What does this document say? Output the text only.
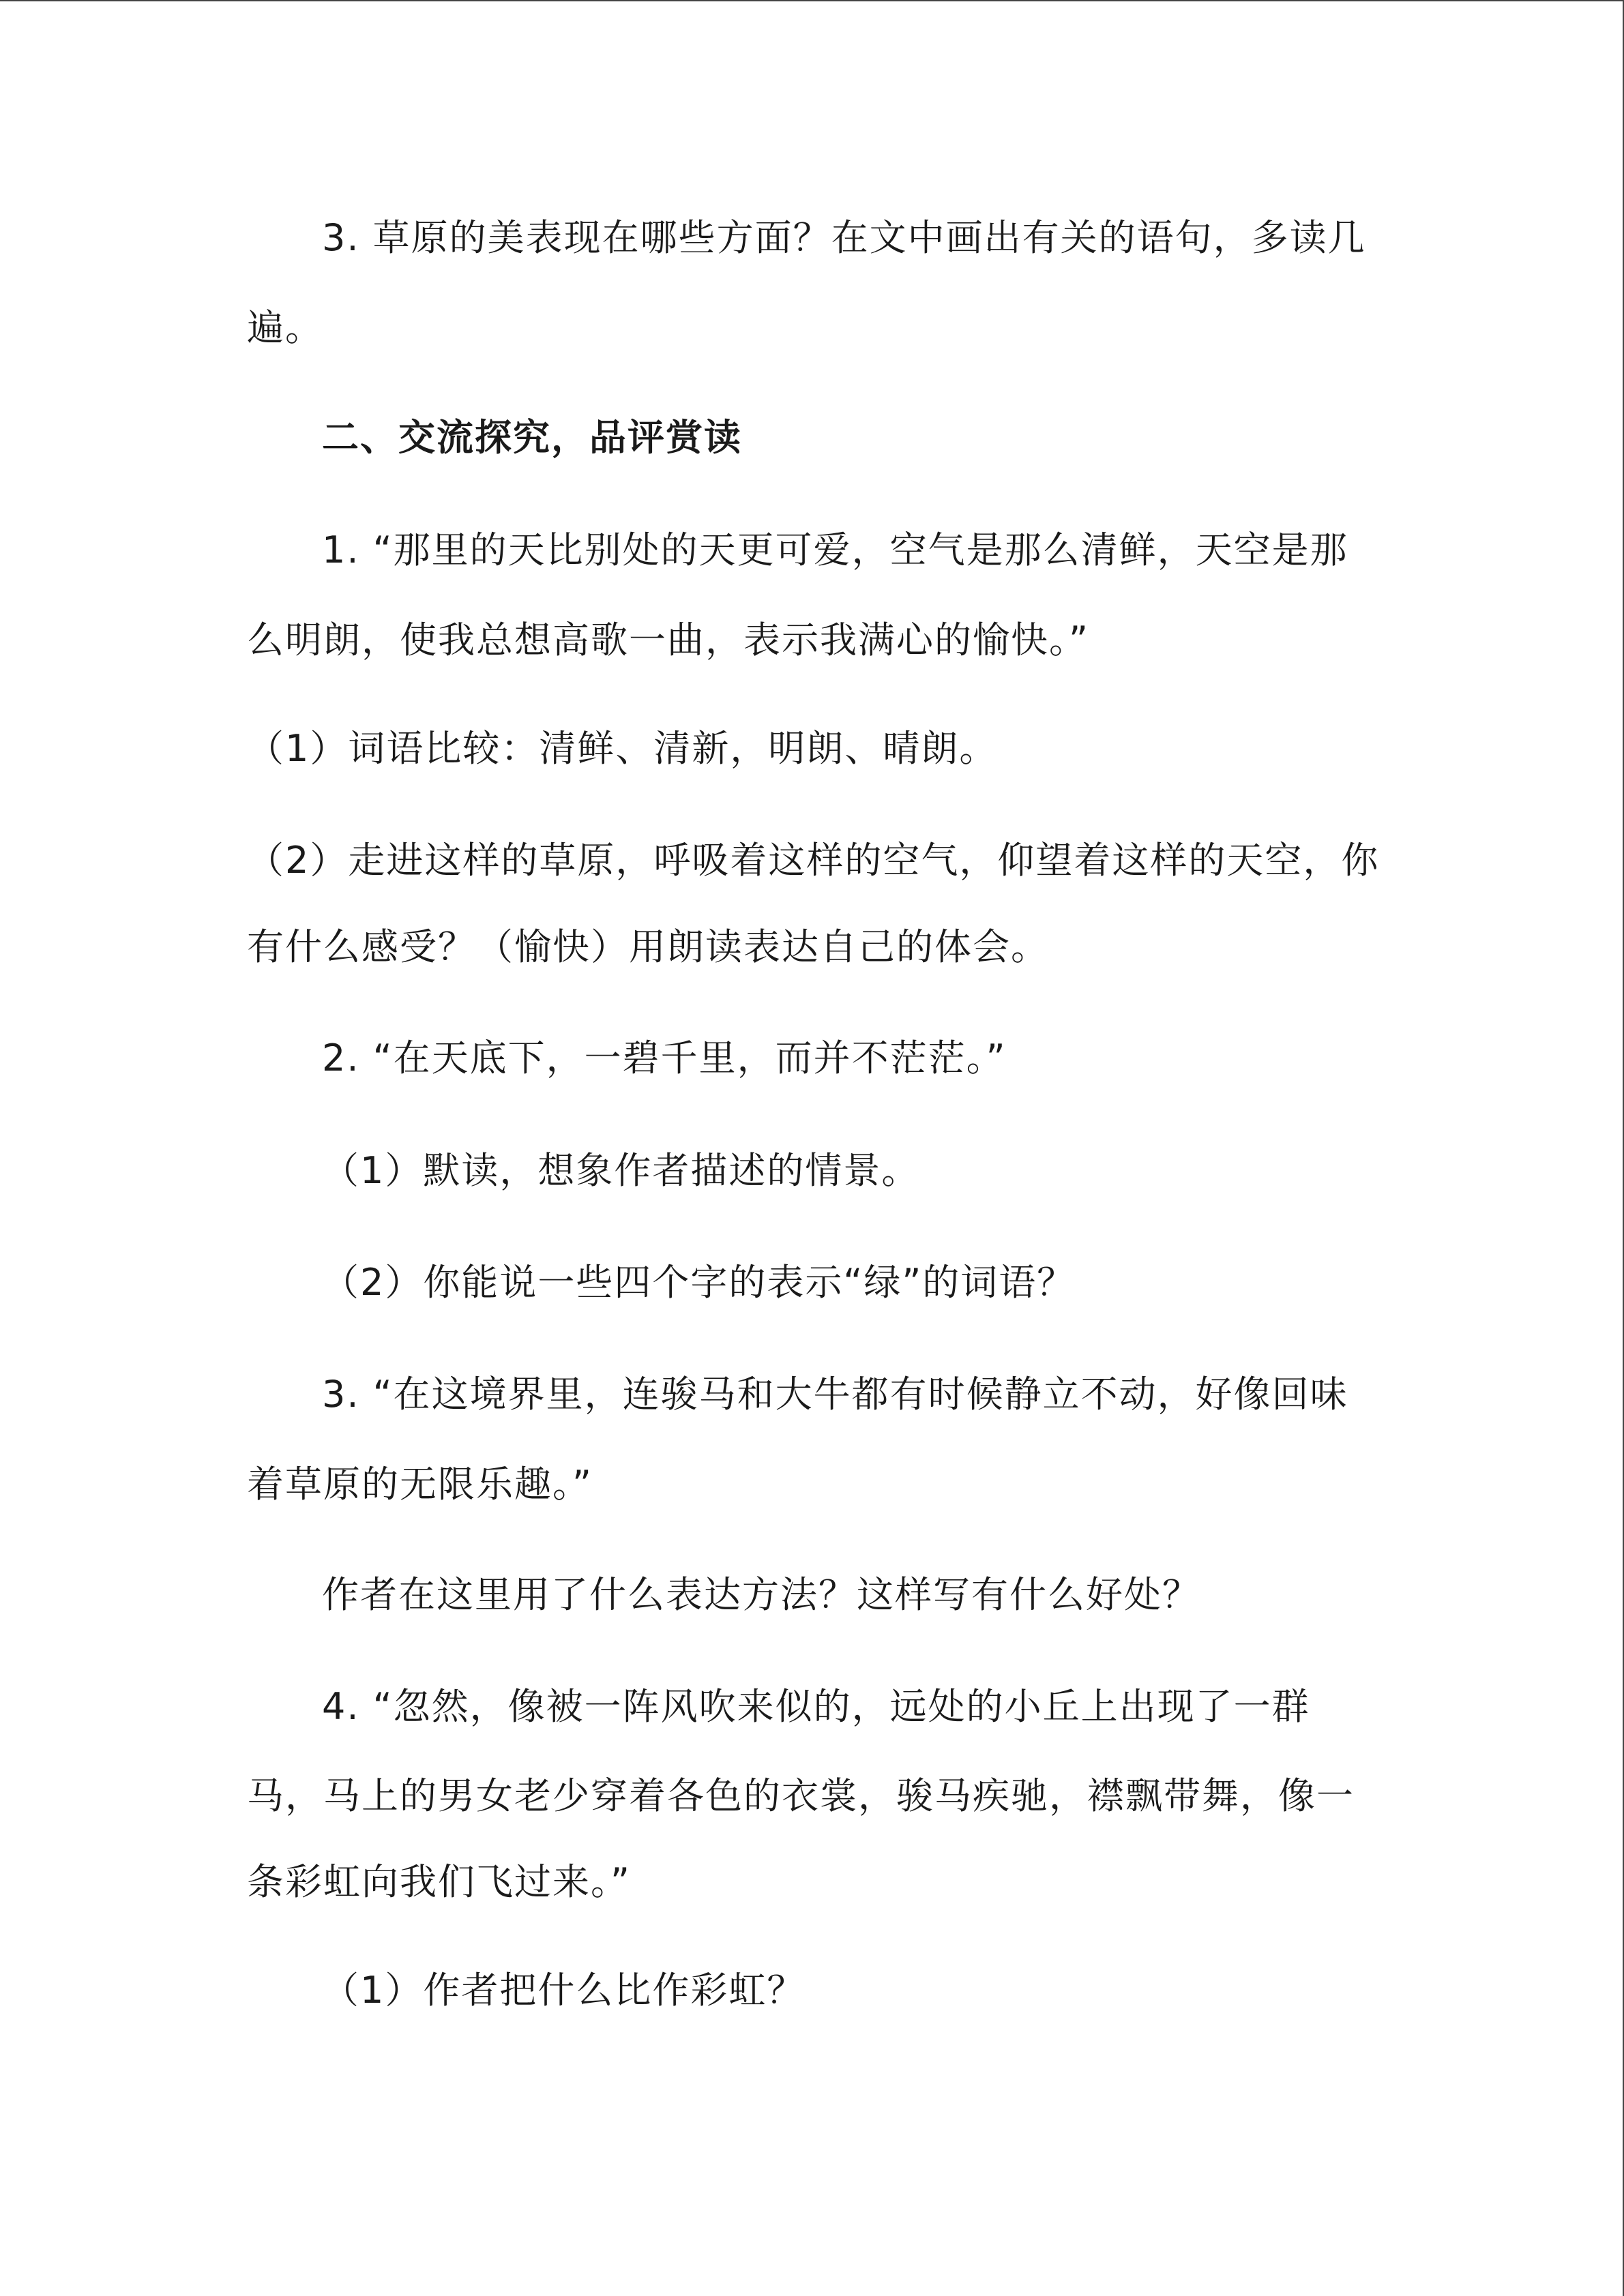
3. 草原的美表现在哪些方面？在文中画出有关的语句，多读几
遍。
二、交流探究，品评赏读
1. “那里的天比别处的天更可爱，空气是那么清鲜，天空是那
么明朗，使我总想高歌一曲，表示我满心的愉快。”
（1）词语比较：清鲜、清新，明朗、晴朗。
（2）走进这样的草原，呼吸着这样的空气，仰望着这样的天空，你
有什么感受？（愉快）用朗读表达自己的体会。
2. “在天底下，一碧千里，而并不茫茫。”
（1）默读，想象作者描述的情景。
（2）你能说一些四个字的表示“绿”的词语？
3. “在这境界里，连骏马和大牛都有时候静立不动，好像回味
着草原的无限乐趣。”
作者在这里用了什么表达方法？这样写有什么好处？
4. “忽然，像被一阵风吹来似的，远处的小丘上出现了一群
马，马上的男女老少穿着各色的衣裳，骏马疾驰，襟飘带舞，像一
条彩虹向我们飞过来。”
（1）作者把什么比作彩虹？
